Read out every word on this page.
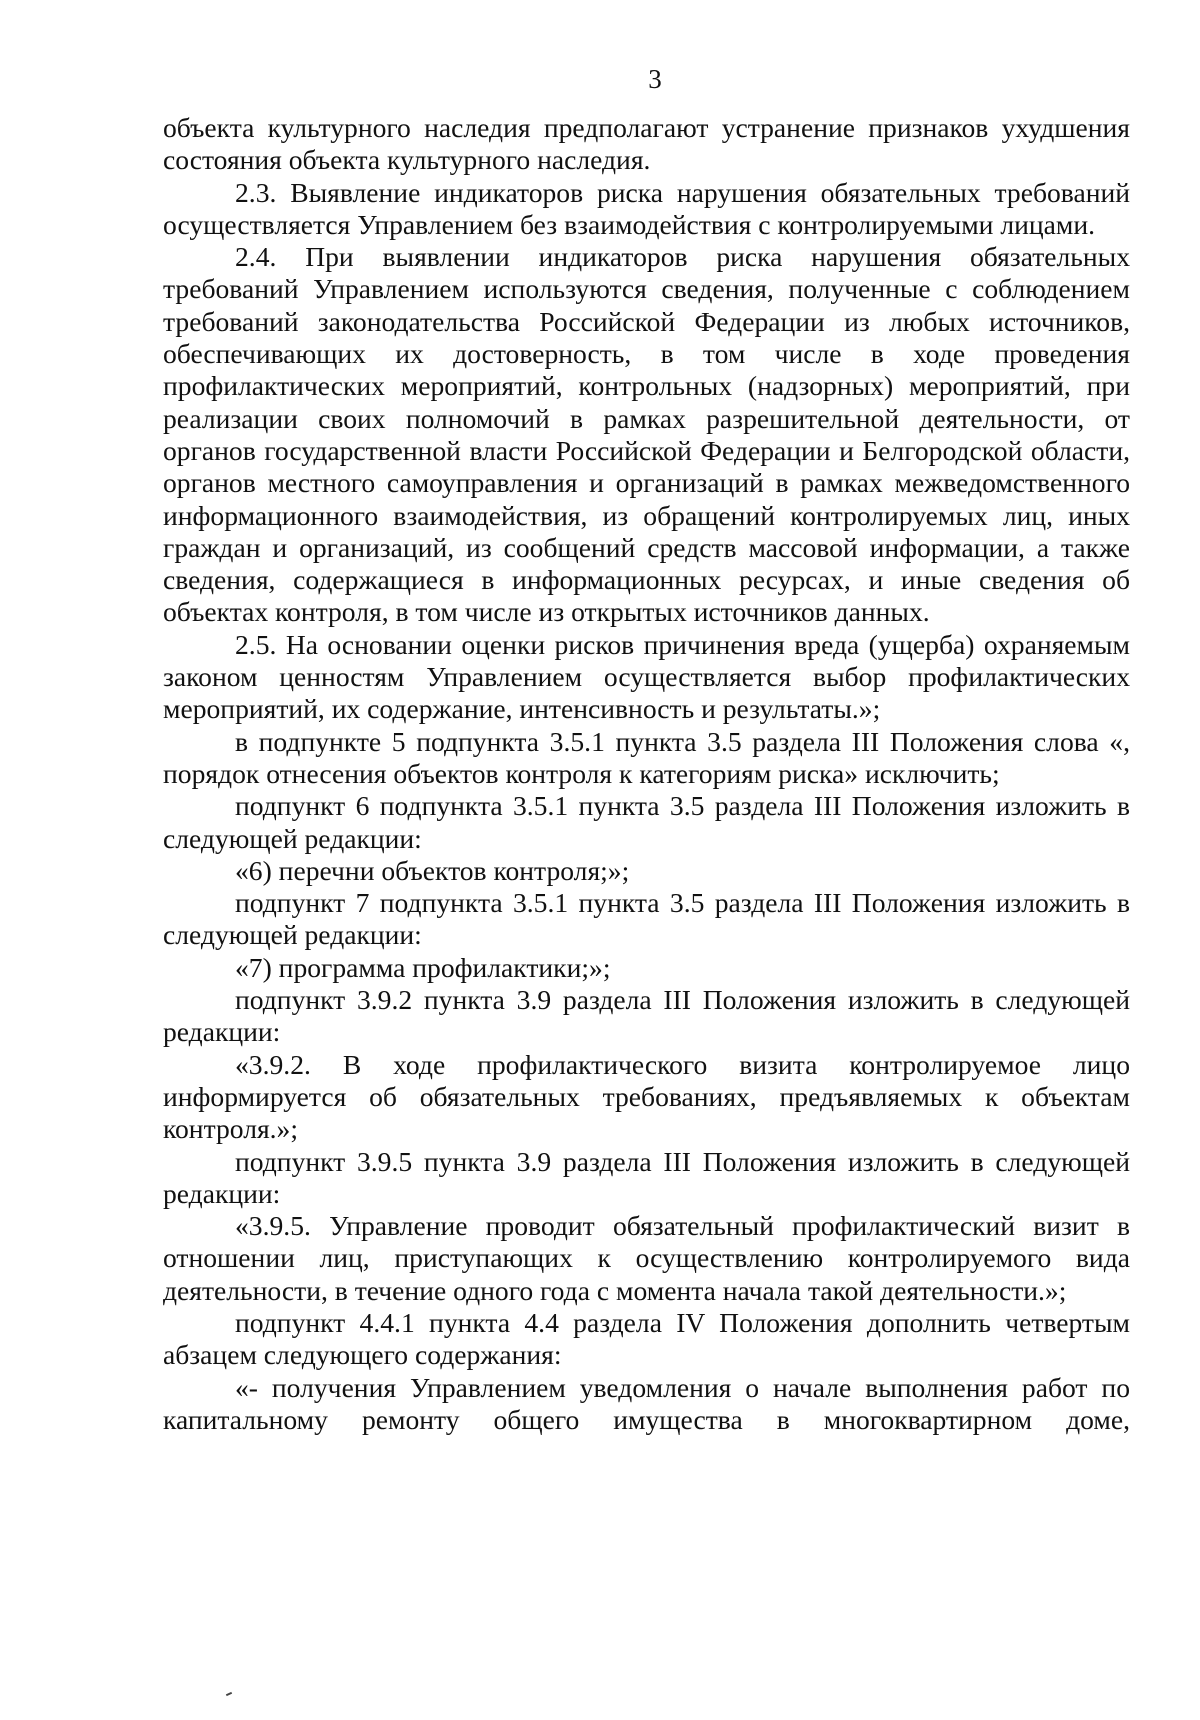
3

объекта культурного наследия предполагают устранение признаков ухудшения состояния объекта культурного наследия.

2.3. Выявление индикаторов риска нарушения обязательных требований осуществляется Управлением без взаимодействия с контролируемыми лицами.

2.4. При выявлении индикаторов риска нарушения обязательных требований Управлением используются сведения, полученные с соблюдением требований законодательства Российской Федерации из любых источников, обеспечивающих их достоверность, в том числе в ходе проведения профилактических мероприятий, контрольных (надзорных) мероприятий, при реализации своих полномочий в рамках разрешительной деятельности, от органов государственной власти Российской Федерации и Белгородской области, органов местного самоуправления и организаций в рамках межведомственного информационного взаимодействия, из обращений контролируемых лиц, иных граждан и организаций, из сообщений средств массовой информации, а также сведения, содержащиеся в информационных ресурсах, и иные сведения об объектах контроля, в том числе из открытых источников данных.

2.5. На основании оценки рисков причинения вреда (ущерба) охраняемым законом ценностям Управлением осуществляется выбор профилактических мероприятий, их содержание, интенсивность и результаты.»;

в подпункте 5 подпункта 3.5.1 пункта 3.5 раздела III Положения слова «, порядок отнесения объектов контроля к категориям риска» исключить;

подпункт 6 подпункта 3.5.1 пункта 3.5 раздела III Положения изложить в следующей редакции:

«6) перечни объектов контроля;»;

подпункт 7 подпункта 3.5.1 пункта 3.5 раздела III Положения изложить в следующей редакции:

«7) программа профилактики;»;

подпункт 3.9.2 пункта 3.9 раздела III Положения изложить в следующей редакции:

«3.9.2. В ходе профилактического визита контролируемое лицо информируется об обязательных требованиях, предъявляемых к объектам контроля.»;

подпункт 3.9.5 пункта 3.9 раздела III Положения изложить в следующей редакции:

«3.9.5. Управление проводит обязательный профилактический визит в отношении лиц, приступающих к осуществлению контролируемого вида деятельности, в течение одного года с момента начала такой деятельности.»;

подпункт 4.4.1 пункта 4.4 раздела IV Положения дополнить четвертым абзацем следующего содержания:

«- получения Управлением уведомления о начале выполнения работ по капитальному ремонту общего имущества в многоквартирном доме,
